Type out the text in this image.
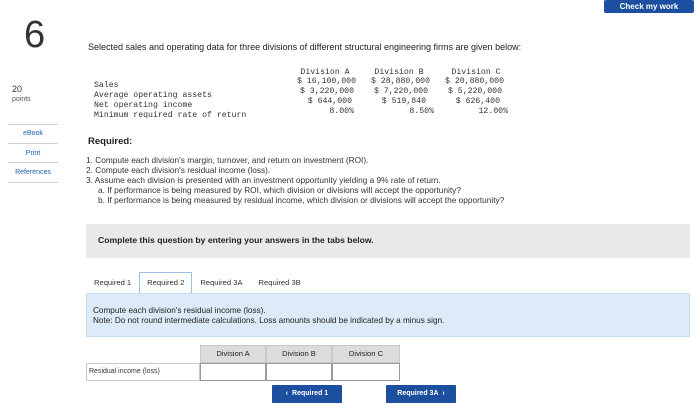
Check my work
6
20
points
eBook
Print
References
Selected sales and operating data for three divisions of different structural engineering firms are given below:
Division A	Division B	Division C
Sales	$ 16,100,000	$ 28,880,000	$ 20,880,000
Average operating assets	$ 3,220,000	$ 7,220,000	$ 5,220,000
Net operating income	$ 644,000	$ 519,840	$ 626,400
Minimum required rate of return	8.00%	8.50%	12.00%
Required:
1. Compute each division's margin, turnover, and return on investment (ROI).
2. Compute each division's residual income (loss).
3. Assume each division is presented with an investment opportunity yielding a 9% rate of return.
a. If performance is being measured by ROI, which division or divisions will accept the opportunity?
b. If performance is being measured by residual income, which division or divisions will accept the opportunity?
Complete this question by entering your answers in the tabs below.
Required 1	Required 2	Required 3A	Required 3B
Compute each division's residual income (loss).
Note: Do not round intermediate calculations. Loss amounts should be indicated by a minus sign.
Division A	Division B	Division C
Residual income (loss)
‹  Required 1	Required 3A  ›
